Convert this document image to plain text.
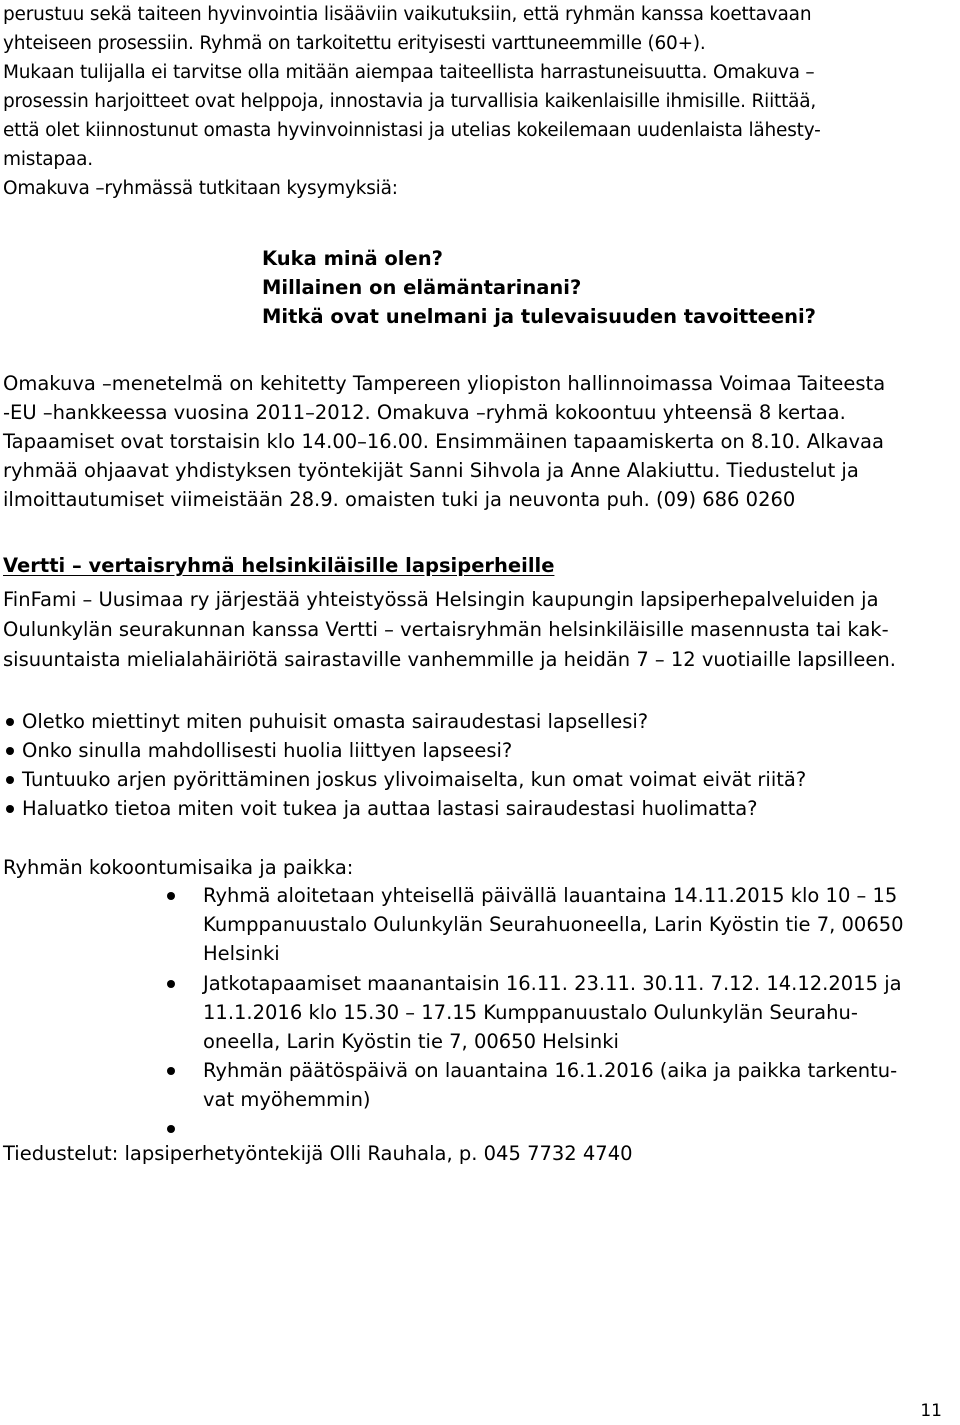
perustuu sekä taiteen hyvinvointia lisääviin vaikutuksiin, että ryhmän kanssa koettavaan
yhteiseen prosessiin. Ryhmä on tarkoitettu erityisesti varttuneemmille (60+).
Mukaan tulijalla ei tarvitse olla mitään aiempaa taiteellista harrastuneisuutta. Omakuva –
prosessin harjoitteet ovat helppoja, innostavia ja turvallisia kaikenlaisille ihmisille. Riittää,
että olet kiinnostunut omasta hyvinvoinnistasi ja utelias kokeilemaan uudenlaista lähesty-
mistapaa.
Omakuva –ryhmässä tutkitaan kysymyksiä:
Kuka minä olen?
Millainen on elämäntarinani?
Mitkä ovat unelmani ja tulevaisuuden tavoitteeni?
Omakuva –menetelmä on kehitetty Tampereen yliopiston hallinnoimassa Voimaa Taiteesta
-EU –hankkeessa vuosina 2011–2012. Omakuva –ryhmä kokoontuu yhteensä 8 kertaa.
Tapaamiset ovat torstaisin klo 14.00–16.00. Ensimmäinen tapaamiskerta on 8.10. Alkavaa
ryhmää ohjaavat yhdistyksen työntekijät Sanni Sihvola ja Anne Alakiuttu. Tiedustelut ja
ilmoittautumiset viimeistään 28.9. omaisten tuki ja neuvonta puh. (09) 686 0260
Vertti – vertaisryhmä helsinkiläisille lapsiperheille
FinFami – Uusimaa ry järjestää yhteistyössä Helsingin kaupungin lapsiperhepalveluiden ja
Oulunkylän seurakunnan kanssa Vertti – vertaisryhmän helsinkiläisille masennusta tai kak-
sisuuntaista mielialahäiriötä sairastaville vanhemmille ja heidän 7 – 12 vuotiaille lapsilleen.
Oletko miettinyt miten puhuisit omasta sairaudestasi lapsellesi?
Onko sinulla mahdollisesti huolia liittyen lapseesi?
Tuntuuko arjen pyörittäminen joskus ylivoimaiselta, kun omat voimat eivät riitä?
Haluatko tietoa miten voit tukea ja auttaa lastasi sairaudestasi huolimatta?
Ryhmän kokoontumisaika ja paikka:
Ryhmä aloitetaan yhteisellä päivällä lauantaina 14.11.2015 klo 10 – 15
Kumppanuustalo Oulunkylän Seurahuoneella, Larin Kyöstin tie 7, 00650
Helsinki
Jatkotapaamiset maanantaisin 16.11. 23.11. 30.11. 7.12. 14.12.2015 ja
11.1.2016 klo 15.30 – 17.15 Kumppanuustalo Oulunkylän Seurahu-
oneella, Larin Kyöstin tie 7, 00650 Helsinki
Ryhmän päätöspäivä on lauantaina 16.1.2016 (aika ja paikka tarkentu-
vat myöhemmin)
Tiedustelut: lapsiperhetyöntekijä Olli Rauhala, p. 045 7732 4740
11
